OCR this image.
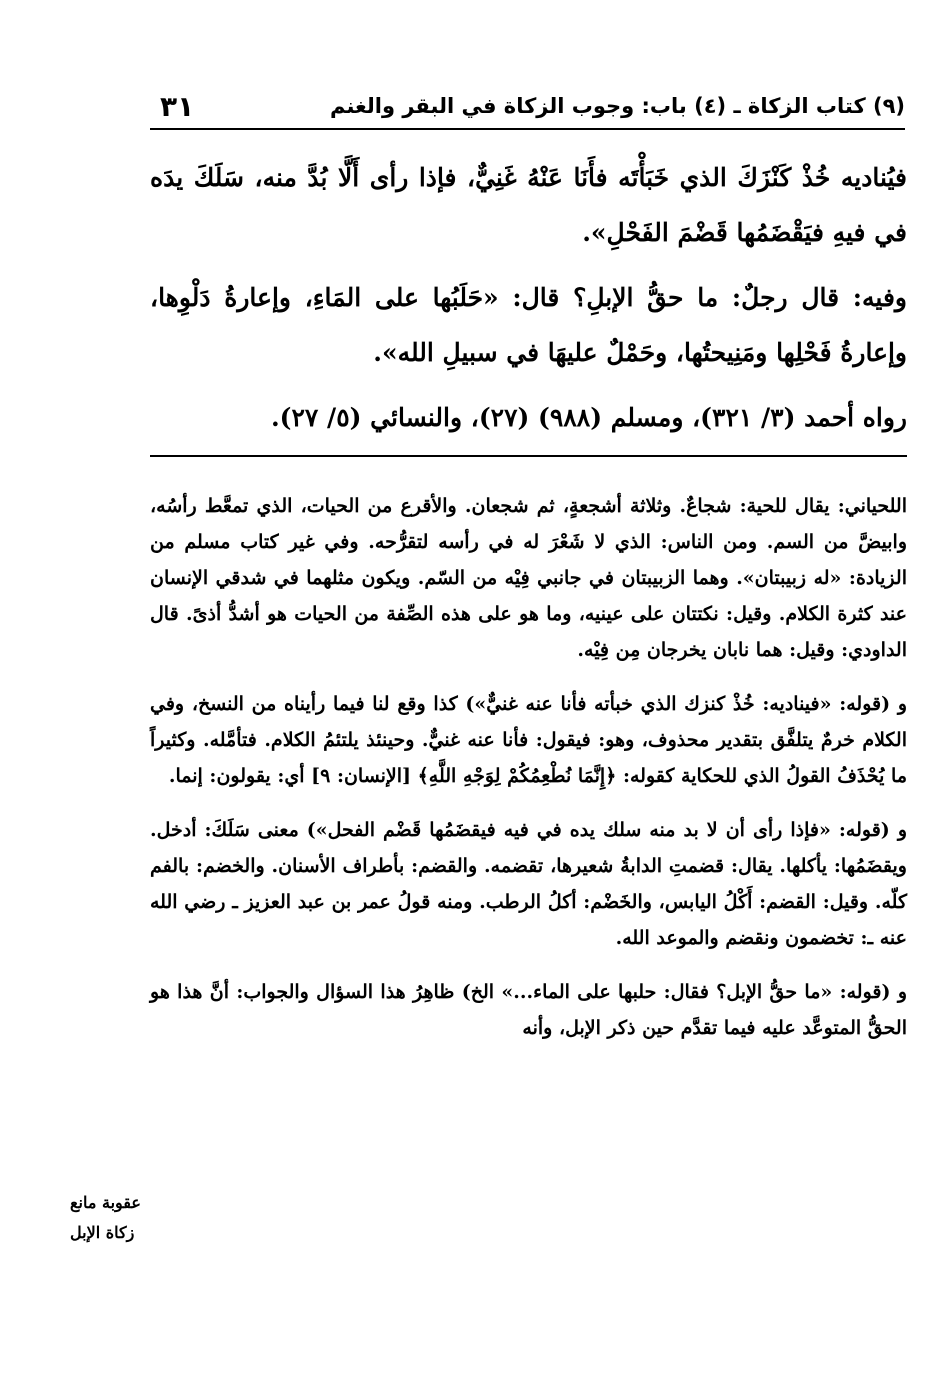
(٩) كتاب الزكاة ـ (٤) باب: وجوب الزكاة في البقر والغنم
٣١

فيُناديه خُذْ كَنْزَكَ الذي خَبَأْتَه فأَنَا عَنْهُ غَنِيٌّ، فإذا رأى أَلَّا بُدَّ منه، سَلَكَ يدَه في فيهِ فيَقْضَمُها قَضْمَ الفَحْلِ».

وفيه: قال رجلٌ: ما حقُّ الإبلِ؟ قال: «حَلَبُها على المَاءِ، وإعارةُ دَلْوِها، وإعارةُ فَحْلِها ومَنِيحتُها، وحَمْلٌ عليهَا في سبيلِ الله».

رواه أحمد (٣/ ٣٢١)، ومسلم (٩٨٨) (٢٧)، والنسائي (٥/ ٢٧).

اللحياني: يقال للحية: شجاعٌ. وثلاثة أشجعةٍ، ثم شجعان. والأقرع من الحيات، الذي تمعَّط رأسُه، وابيضَّ من السم. ومن الناس: الذي لا شَعْرَ له في رأسه لتقرُّحه. وفي غير كتاب مسلم من الزيادة: «له زبيبتان». وهما الزبيبتان في جانبي فِيْه من السّم. ويكون مثلهما في شدقي الإنسان عند كثرة الكلام. وقيل: نكتتان على عينيه، وما هو على هذه الصِّفة من الحيات هو أشدُّ أذىً. قال الداودي: وقيل: هما نابان يخرجان مِن فِيْه.

و (قوله: «فيناديه: خُذْ كنزك الذي خبأته فأنا عنه غنيٌّ») كذا وقع لنا فيما رأيناه من النسخ، وفي الكلام خرمٌ يتلفَّق بتقدير محذوف، وهو: فيقول: فأنا عنه غنيٌّ. وحينئذ يلتئمُ الكلام. فتأمَّله. وكثيراً ما يُحْذَفُ القولُ الذي للحكاية كقوله: ﴿إِنَّمَا نُطْعِمُكُمْ لِوَجْهِ اللَّهِ﴾ [الإنسان: ٩] أي: يقولون: إنما.

و (قوله: «فإذا رأى أن لا بد منه سلك يده في فيه فيقضَمُها قَضْم الفحل») معنى سَلَكَ: أدخل. ويقضَمُها: يأكلها. يقال: قضمتِ الدابةُ شعيرها، تقضمه. والقضم: بأطراف الأسنان. والخضم: بالفم كلّه. وقيل: القضم: أَكْلُ اليابس، والخَضْم: أكلُ الرطب. ومنه قولُ عمر بن عبد العزيز ـ رضي الله عنه ـ: تخضمون ونقضم والموعد الله.

و (قوله: «ما حقُّ الإبل؟ فقال: حلبها على الماء...» الخ) ظاهِرُ هذا السؤال والجواب: أنَّ هذا هو الحقُّ المتوعَّد عليه فيما تقدَّم حين ذكر الإبل، وأنه

عقوبة مانع زكاة الإبل
